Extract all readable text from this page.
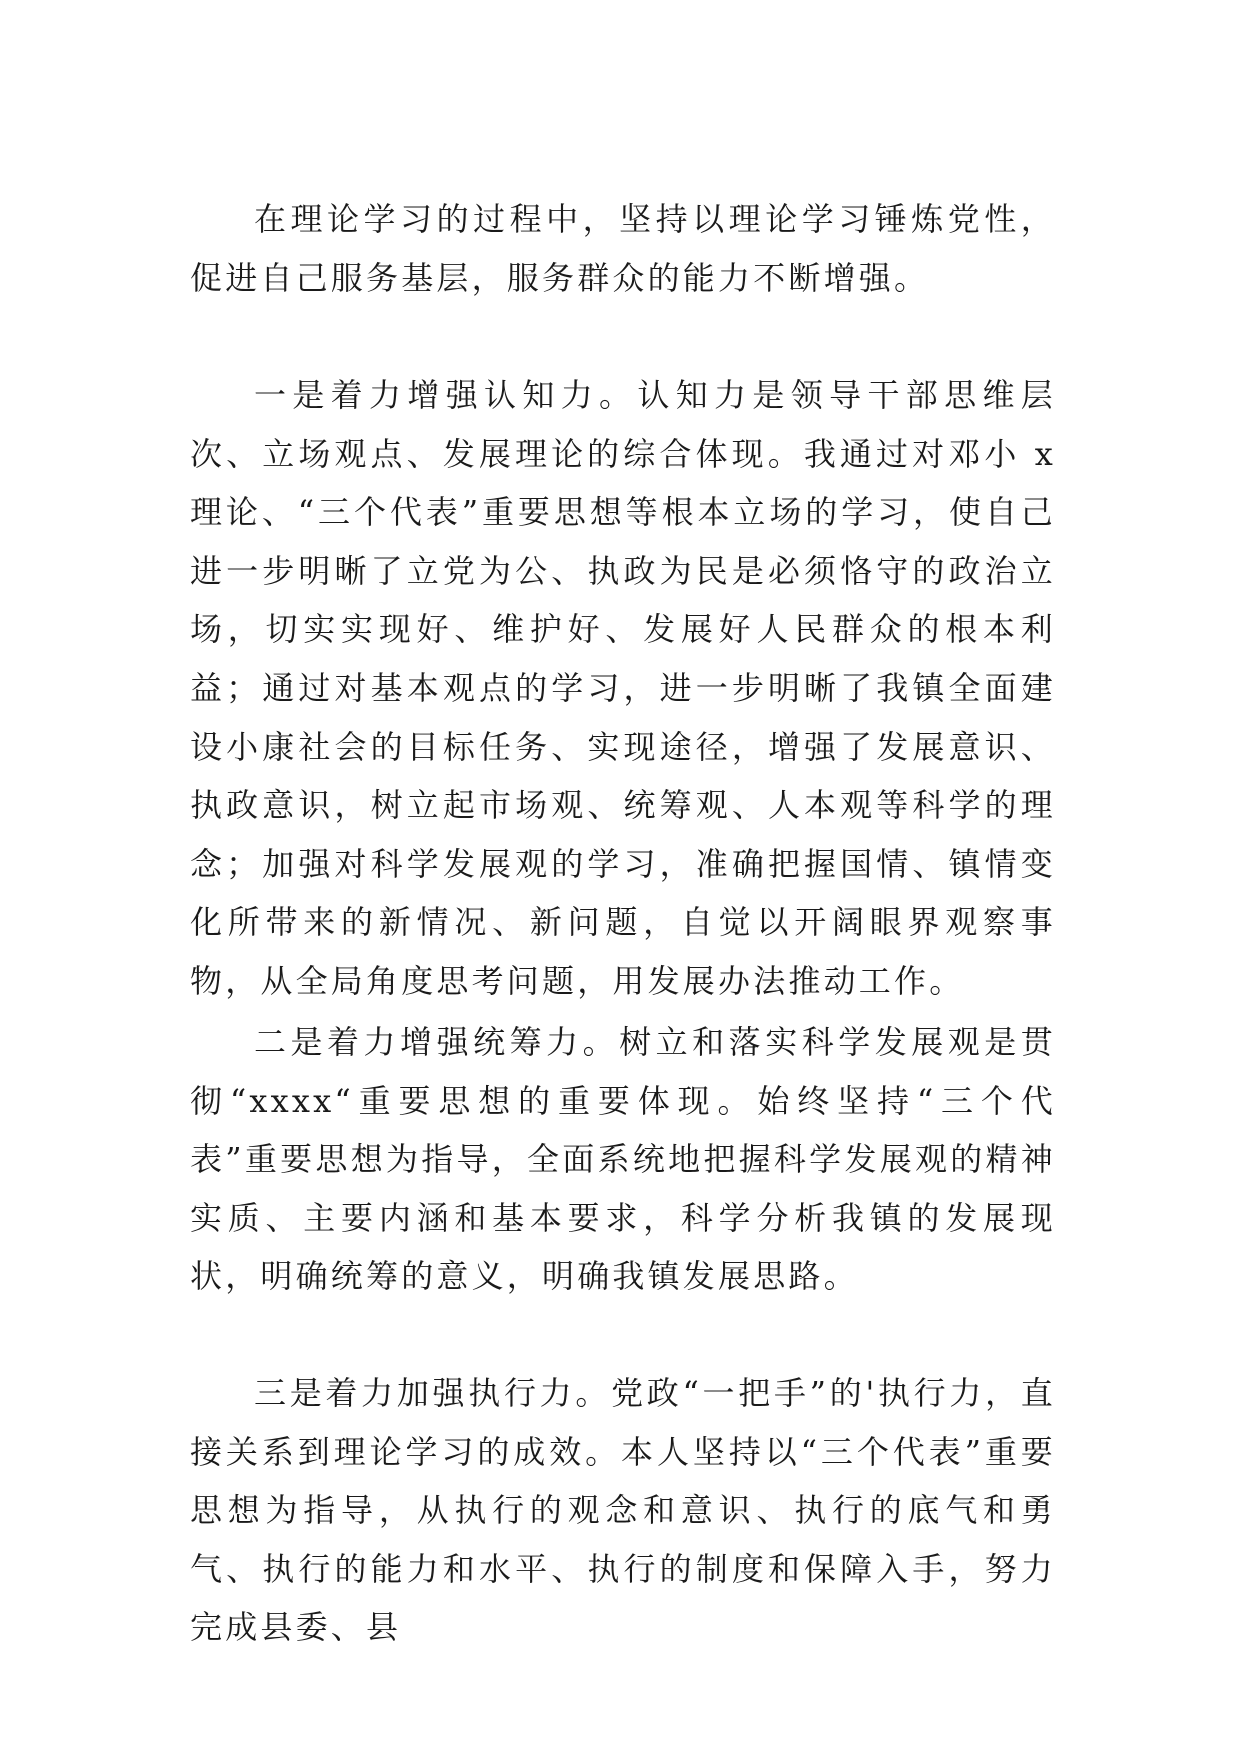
在理论学习的过程中，坚持以理论学习锤炼党性，促进自己服务基层，服务群众的能力不断增强。

一是着力增强认知力。认知力是领导干部思维层次、立场观点、发展理论的综合体现。我通过对邓小 x 理论、“三个代表”重要思想等根本立场的学习，使自己进一步明晰了立党为公、执政为民是必须恪守的政治立场，切实实现好、维护好、发展好人民群众的根本利益；通过对基本观点的学习，进一步明晰了我镇全面建设小康社会的目标任务、实现途径，增强了发展意识、执政意识，树立起市场观、统筹观、人本观等科学的理念；加强对科学发展观的学习，准确把握国情、镇情变化所带来的新情况、新问题，自觉以开阔眼界观察事物，从全局角度思考问题，用发展办法推动工作。

二是着力增强统筹力。树立和落实科学发展观是贯彻“xxxx“重要思想的重要体现。始终坚持“三个代表”重要思想为指导，全面系统地把握科学发展观的精神实质、主要内涵和基本要求，科学分析我镇的发展现状，明确统筹的意义，明确我镇发展思路。

三是着力加强执行力。党政“一把手”的'执行力，直接关系到理论学习的成效。本人坚持以“三个代表”重要思想为指导，从执行的观念和意识、执行的底气和勇气、执行的能力和水平、执行的制度和保障入手，努力完成县委、县
